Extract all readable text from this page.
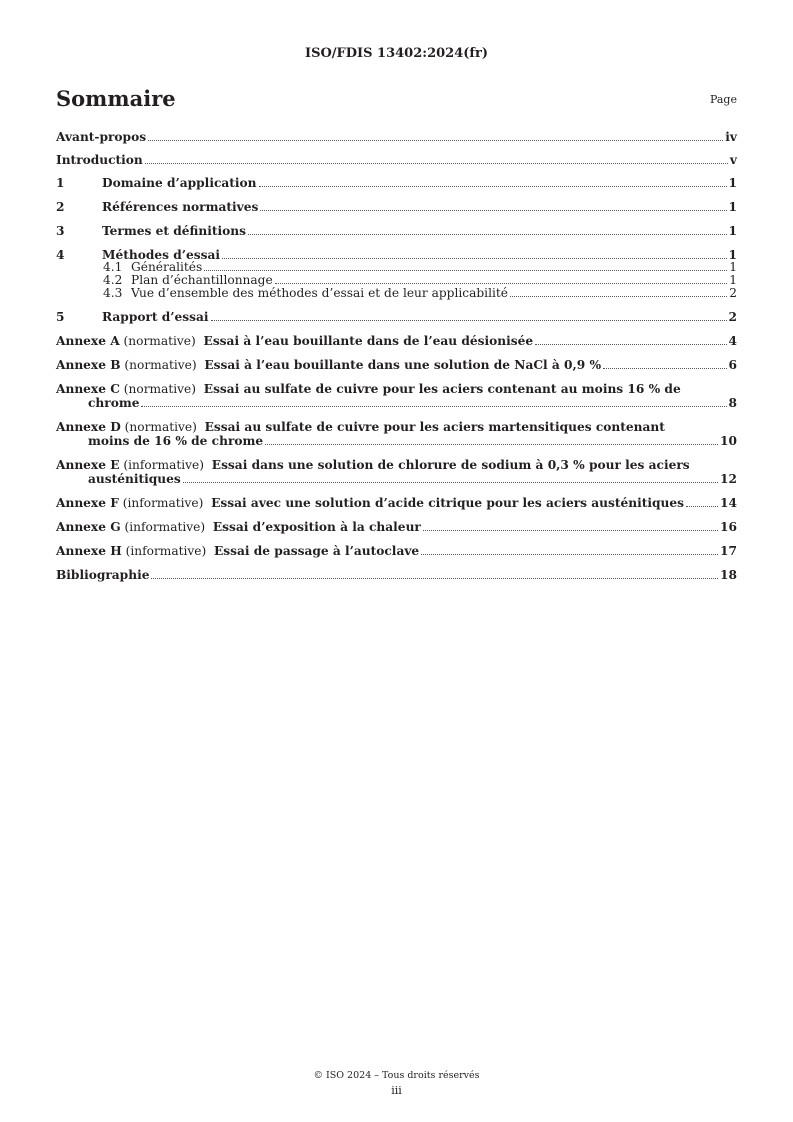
ISO/FDIS 13402:2024(fr)
Sommaire	Page
Avant-propos	iv
Introduction	v
1	Domaine d’application	1
2	Références normatives	1
3	Termes et définitions	1
4	Méthodes d’essai	1
4.1 Généralités	1
4.2 Plan d’échantillonnage	1
4.3 Vue d’ensemble des méthodes d’essai et de leur applicabilité	2
5	Rapport d’essai	2
Annexe A (normative) Essai à l’eau bouillante dans de l’eau désionisée	4
Annexe B (normative) Essai à l’eau bouillante dans une solution de NaCl à 0,9 %	6
Annexe C (normative) Essai au sulfate de cuivre pour les aciers contenant au moins 16 % de
chrome	8
Annexe D (normative) Essai au sulfate de cuivre pour les aciers martensitiques contenant
moins de 16 % de chrome	10
Annexe E (informative) Essai dans une solution de chlorure de sodium à 0,3 % pour les aciers
austénitiques	12
Annexe F (informative) Essai avec une solution d’acide citrique pour les aciers austénitiques	14
Annexe G (informative) Essai d’exposition à la chaleur	16
Annexe H (informative) Essai de passage à l’autoclave	17
Bibliographie	18
© ISO 2024 – Tous droits réservés
iii
